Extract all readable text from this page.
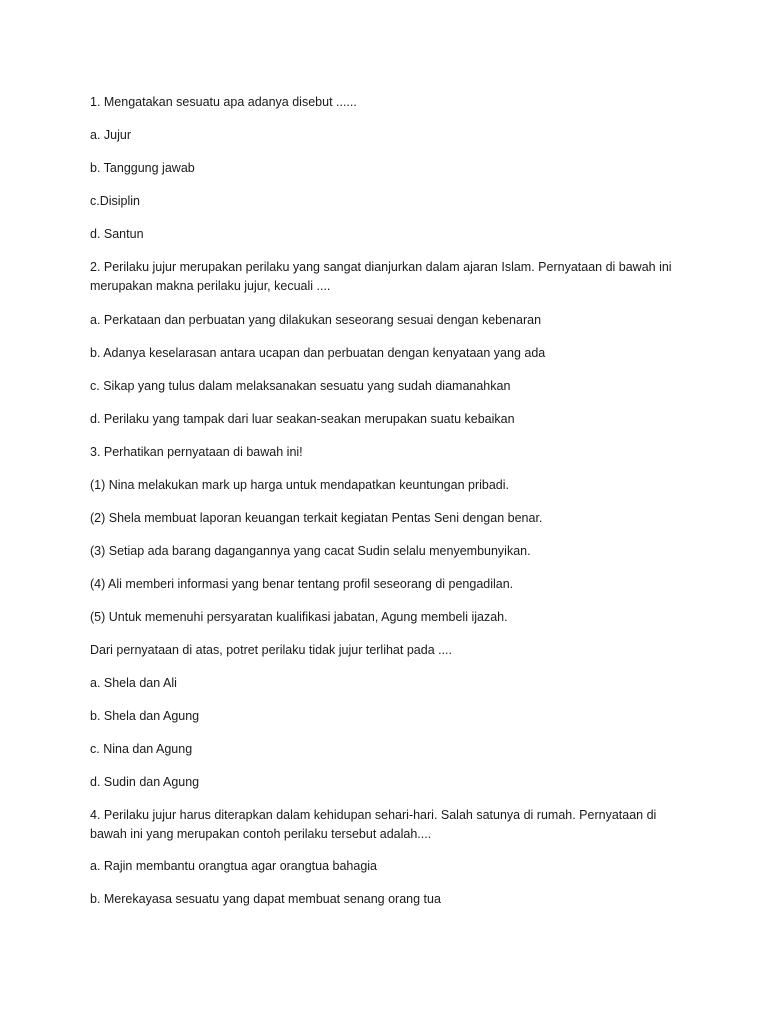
1. Mengatakan sesuatu apa adanya disebut ......

a. Jujur

b. Tanggung jawab

c.Disiplin

d. Santun

2. Perilaku jujur merupakan perilaku yang sangat dianjurkan dalam ajaran Islam. Pernyataan di bawah ini merupakan makna perilaku jujur, kecuali ....

a. Perkataan dan perbuatan yang dilakukan seseorang sesuai dengan kebenaran

b. Adanya keselarasan antara ucapan dan perbuatan dengan kenyataan yang ada

c. Sikap yang tulus dalam melaksanakan sesuatu yang sudah diamanahkan

d. Perilaku yang tampak dari luar seakan-seakan merupakan suatu kebaikan

3. Perhatikan pernyataan di bawah ini!

(1) Nina melakukan mark up harga untuk mendapatkan keuntungan pribadi.

(2) Shela membuat laporan keuangan terkait kegiatan Pentas Seni dengan benar.

(3) Setiap ada barang dagangannya yang cacat Sudin selalu menyembunyikan.

(4) Ali memberi informasi yang benar tentang profil seseorang di pengadilan.

(5) Untuk memenuhi persyaratan kualifikasi jabatan, Agung membeli ijazah.

Dari pernyataan di atas, potret perilaku tidak jujur terlihat pada ....

a. Shela dan Ali

b. Shela dan Agung

c. Nina dan Agung

d. Sudin dan Agung

4. Perilaku jujur harus diterapkan dalam kehidupan sehari-hari. Salah satunya di rumah. Pernyataan di bawah ini yang merupakan contoh perilaku tersebut adalah....

a. Rajin membantu orangtua agar orangtua bahagia

b. Merekayasa sesuatu yang dapat membuat senang orang tua
